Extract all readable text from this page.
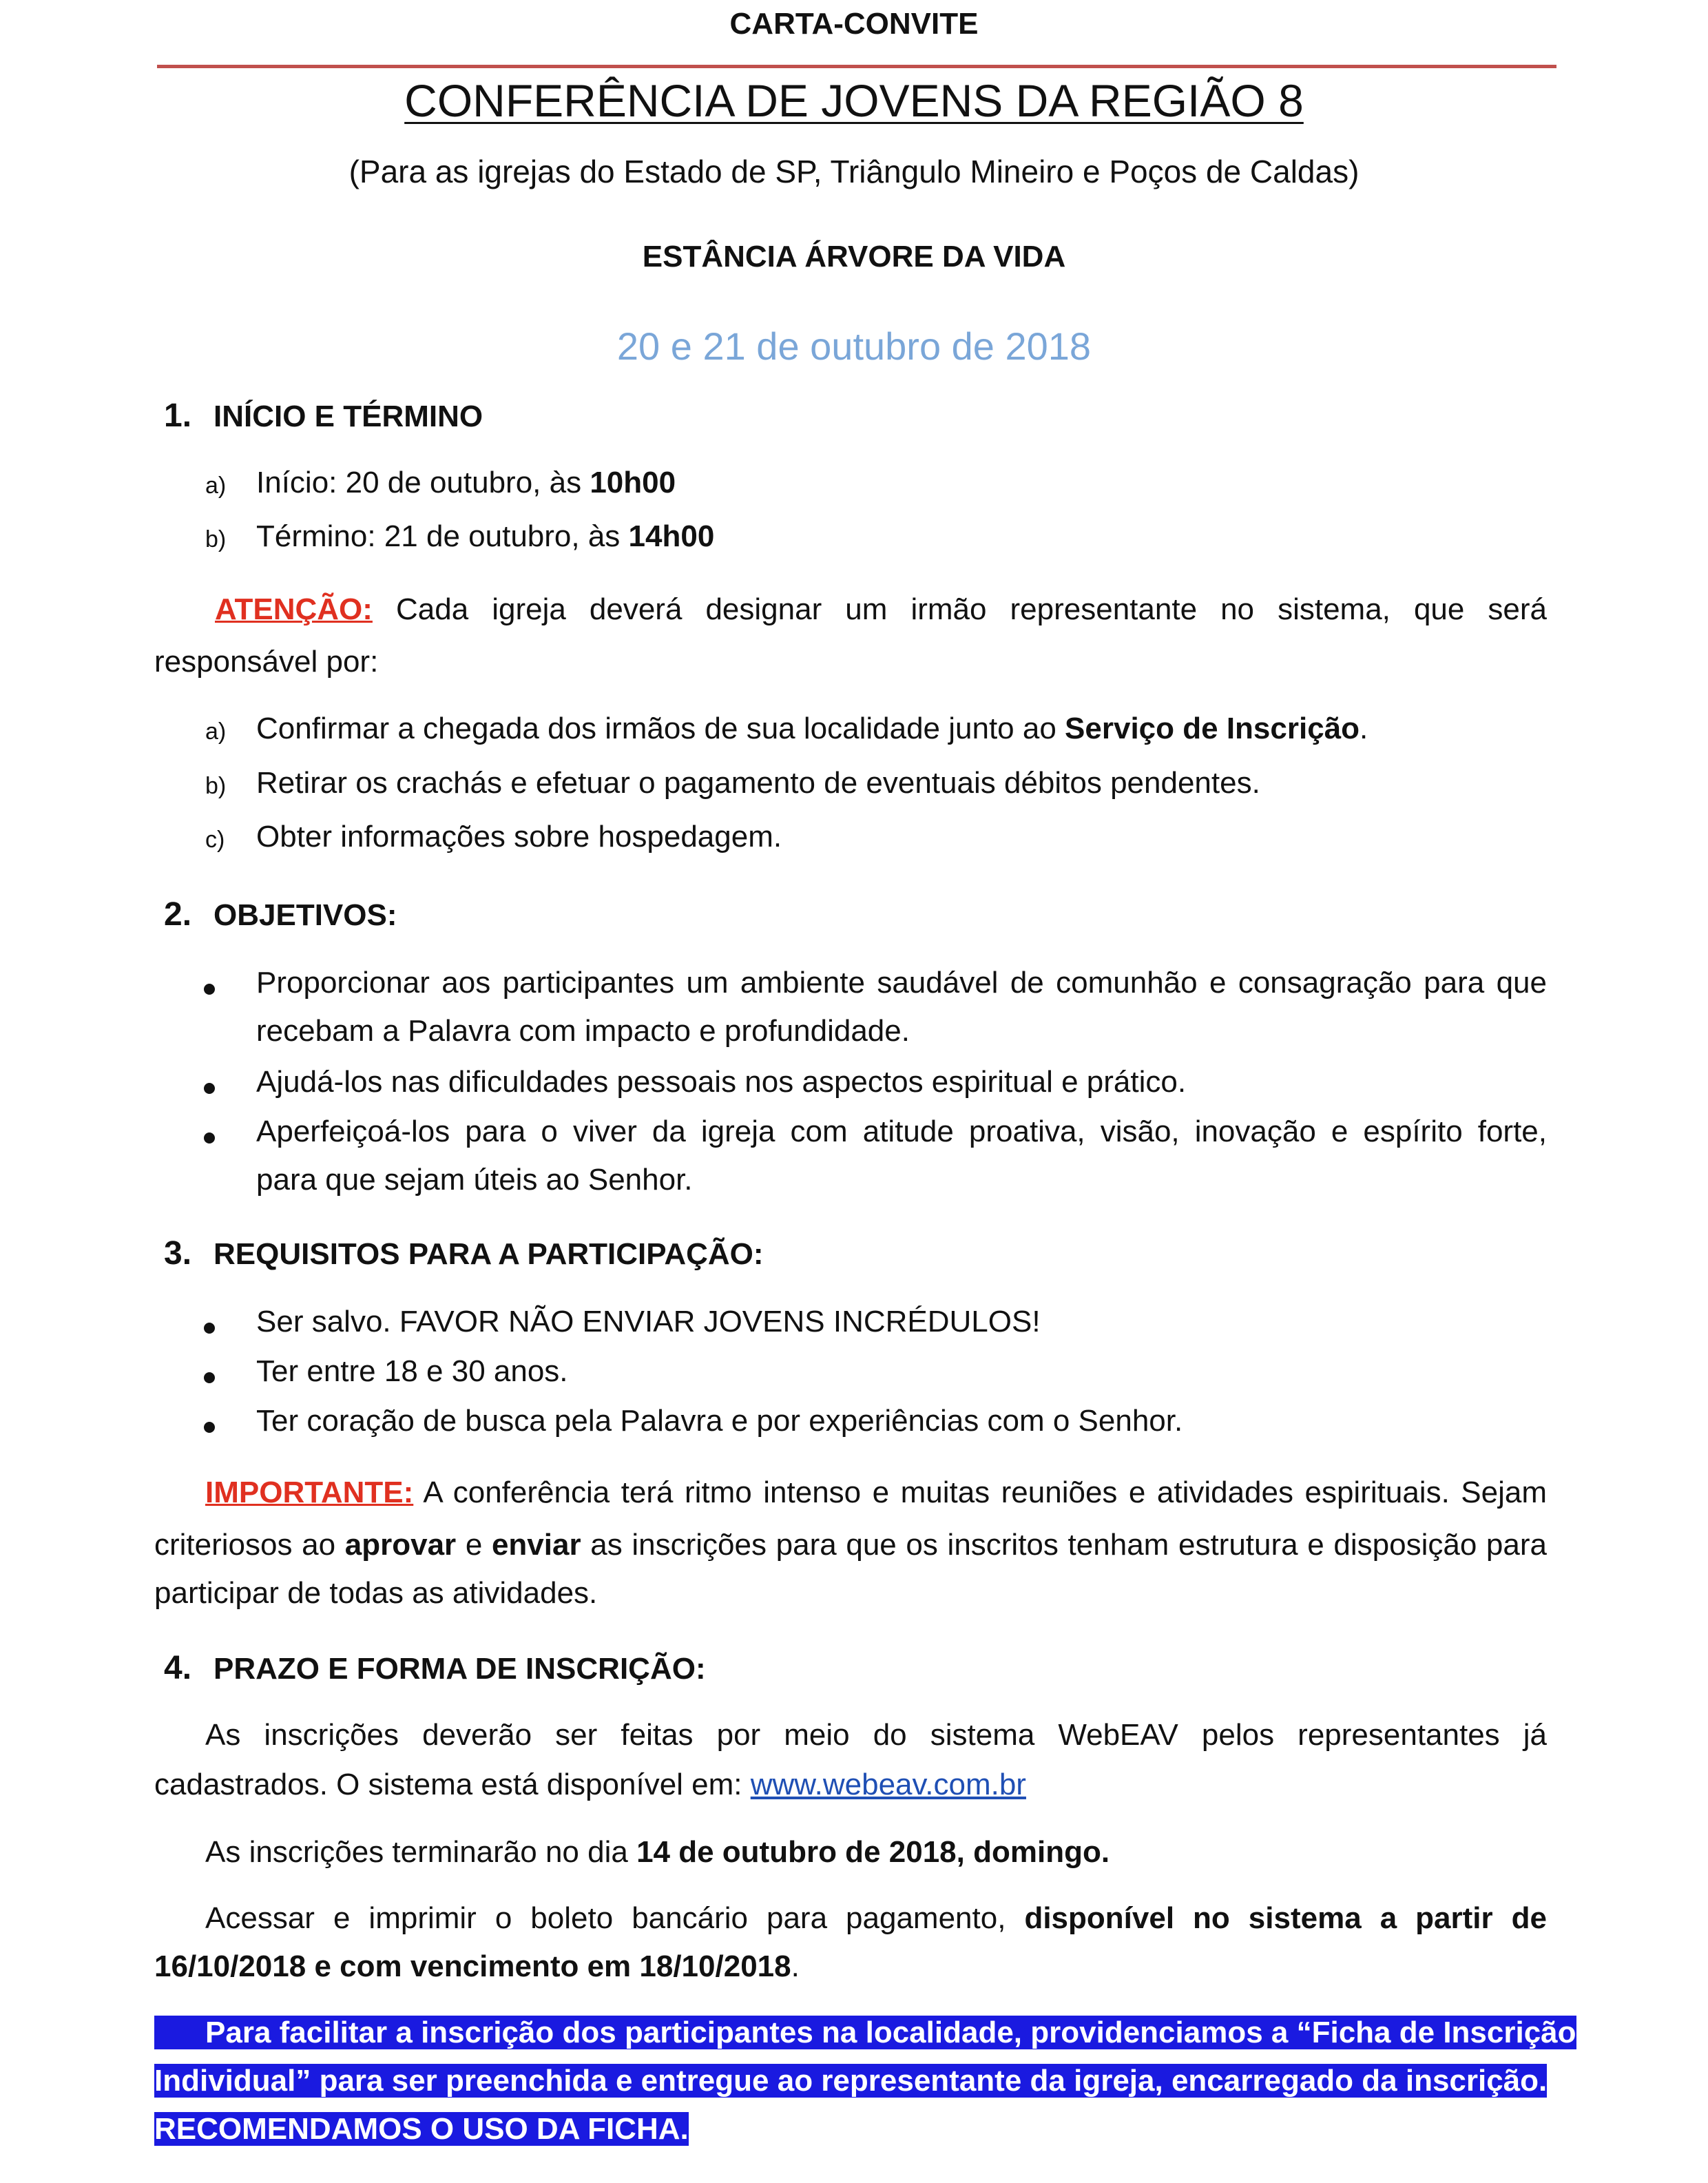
CARTA-CONVITE
CONFERÊNCIA DE JOVENS DA REGIÃO 8
(Para as igrejas do Estado de SP, Triângulo Mineiro e Poços de Caldas)
ESTÂNCIA ÁRVORE DA VIDA
20 e 21 de outubro de 2018
1. INÍCIO E TÉRMINO
a) Início: 20 de outubro, às 10h00
b) Término: 21 de outubro, às 14h00
ATENÇÃO: Cada igreja deverá designar um irmão representante no sistema, que será
responsável por:
a) Confirmar a chegada dos irmãos de sua localidade junto ao Serviço de Inscrição.
b) Retirar os crachás e efetuar o pagamento de eventuais débitos pendentes.
c) Obter informações sobre hospedagem.
2. OBJETIVOS:
Proporcionar aos participantes um ambiente saudável de comunhão e consagração para que
recebam a Palavra com impacto e profundidade.
Ajudá-los nas dificuldades pessoais nos aspectos espiritual e prático.
Aperfeiçoá-los para o viver da igreja com atitude proativa, visão, inovação e espírito forte,
para que sejam úteis ao Senhor.
3. REQUISITOS PARA A PARTICIPAÇÃO:
Ser salvo. FAVOR NÃO ENVIAR JOVENS INCRÉDULOS!
Ter entre 18 e 30 anos.
Ter coração de busca pela Palavra e por experiências com o Senhor.
IMPORTANTE: A conferência terá ritmo intenso e muitas reuniões e atividades espirituais. Sejam
criteriosos ao aprovar e enviar as inscrições para que os inscritos tenham estrutura e disposição para
participar de todas as atividades.
4. PRAZO E FORMA DE INSCRIÇÃO:
As inscrições deverão ser feitas por meio do sistema WebEAV pelos representantes já
cadastrados. O sistema está disponível em: www.webeav.com.br
As inscrições terminarão no dia 14 de outubro de 2018, domingo.
Acessar e imprimir o boleto bancário para pagamento, disponível no sistema a partir de
16/10/2018 e com vencimento em 18/10/2018.
Para facilitar a inscrição dos participantes na localidade, providenciamos a “Ficha de Inscrição
Individual” para ser preenchida e entregue ao representante da igreja, encarregado da inscrição.
RECOMENDAMOS O USO DA FICHA.
